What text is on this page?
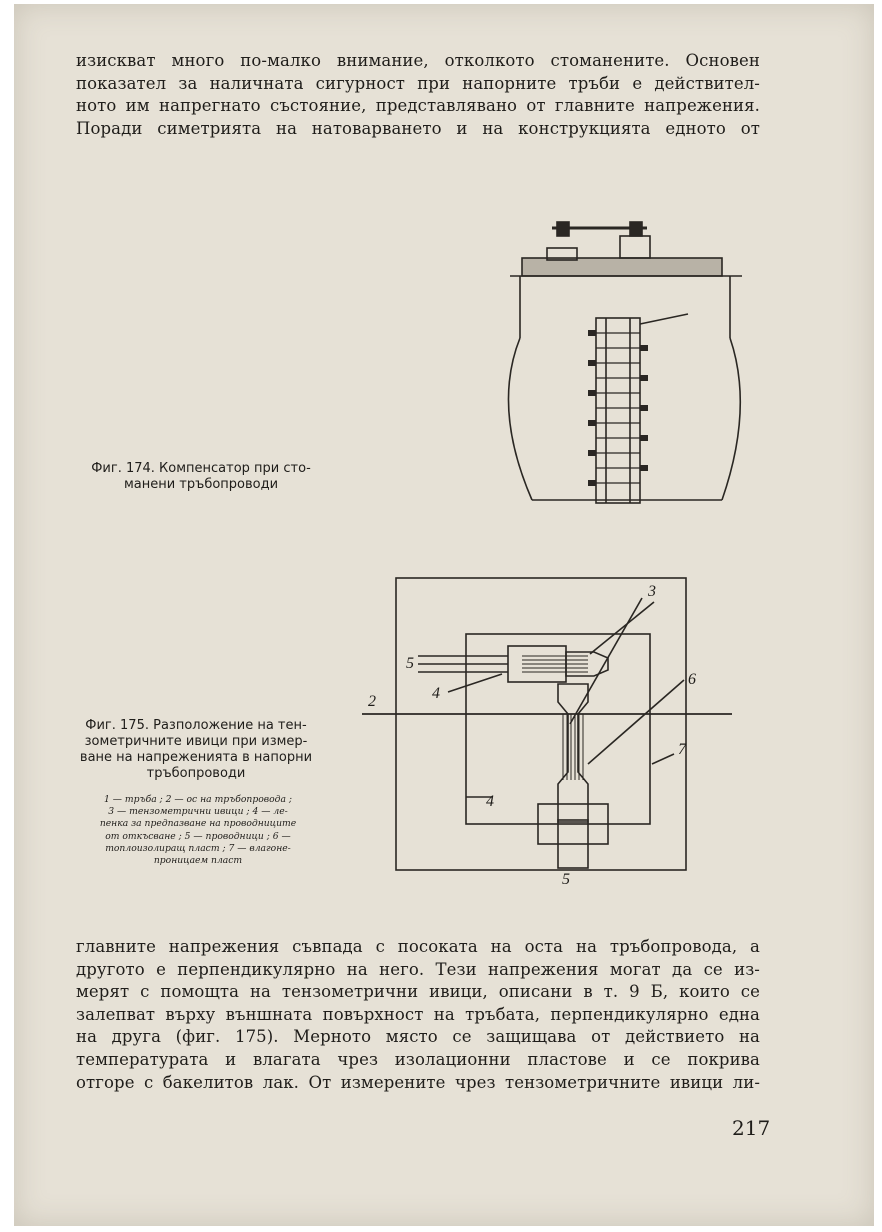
изискват много по-малко внимание, отколкото стоманените. Основен
показател за наличната сигурност при напорните тръби е действител-
ното им напрегнато състояние, представлявано от главните напрежения.
Поради симетрията на натоварването и на конструкцията едното от
Фиг. 174. Компенсатор при сто-
манени тръбопроводи
2
3
4
4
5
5
6
7
Фиг. 175. Разположение на тен-
зометричните ивици при измер-
ване на напреженията в напорни
тръбопроводи
1 — тръба ; 2 — ос на тръбопровода ;
3 — тензометрични ивици ; 4 — ле-
пенка за предпазване на проводниците
от откъсване ; 5 — проводници ; 6 —
топлоизолиращ пласт ; 7 — влагоне-
проницаем пласт
главните напрежения съвпада с посоката на оста на тръбопровода, а
другото е перпендикулярно на него. Тези напрежения могат да се из-
мерят с помощта на тензометрични ивици, описани в т. 9 Б, които се
залепват върху външната повърхност на тръбата, перпендикулярно една
на друга (фиг. 175). Мерното място се защищава от действието на
температурата и влагата чрез изолационни пластове и се покрива
отгоре с бакелитов лак. От измерените чрез тензометричните ивици ли-
217
